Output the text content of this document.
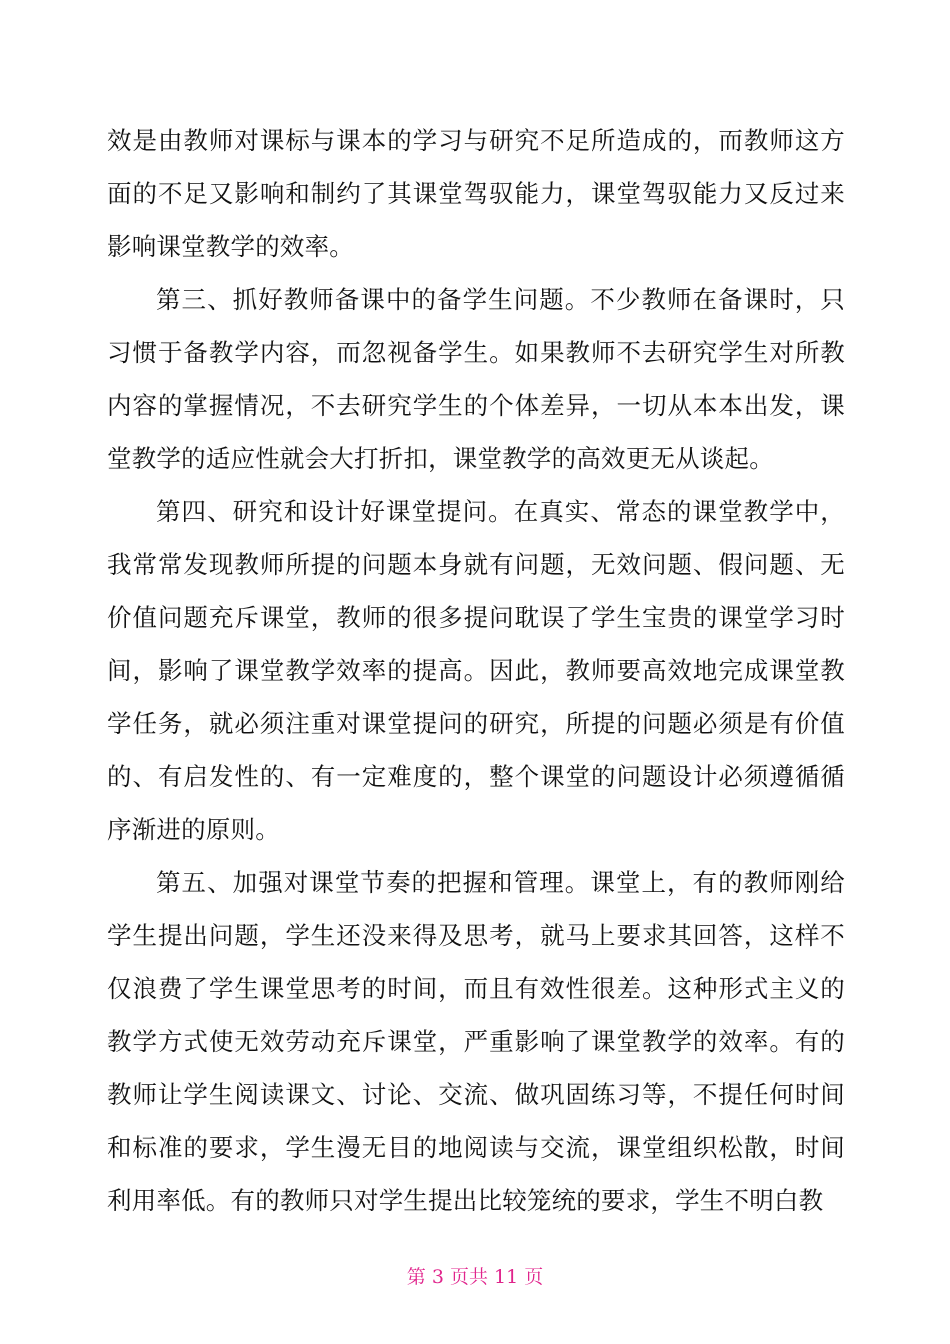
效是由教师对课标与课本的学习与研究不足所造成的，而教师这方面的不足又影响和制约了其课堂驾驭能力，课堂驾驭能力又反过来影响课堂教学的效率。

第三、抓好教师备课中的备学生问题。不少教师在备课时，只习惯于备教学内容，而忽视备学生。如果教师不去研究学生对所教内容的掌握情况，不去研究学生的个体差异，一切从本本出发，课堂教学的适应性就会大打折扣，课堂教学的高效更无从谈起。

第四、研究和设计好课堂提问。在真实、常态的课堂教学中，我常常发现教师所提的问题本身就有问题，无效问题、假问题、无价值问题充斥课堂，教师的很多提问耽误了学生宝贵的课堂学习时间，影响了课堂教学效率的提高。因此，教师要高效地完成课堂教学任务，就必须注重对课堂提问的研究，所提的问题必须是有价值的、有启发性的、有一定难度的，整个课堂的问题设计必须遵循循序渐进的原则。

第五、加强对课堂节奏的把握和管理。课堂上，有的教师刚给学生提出问题，学生还没来得及思考，就马上要求其回答，这样不仅浪费了学生课堂思考的时间，而且有效性很差。这种形式主义的教学方式使无效劳动充斥课堂，严重影响了课堂教学的效率。有的教师让学生阅读课文、讨论、交流、做巩固练习等，不提任何时间和标准的要求，学生漫无目的地阅读与交流，课堂组织松散，时间利用率低。有的教师只对学生提出比较笼统的要求，学生不明白教

第 3 页共 11 页
